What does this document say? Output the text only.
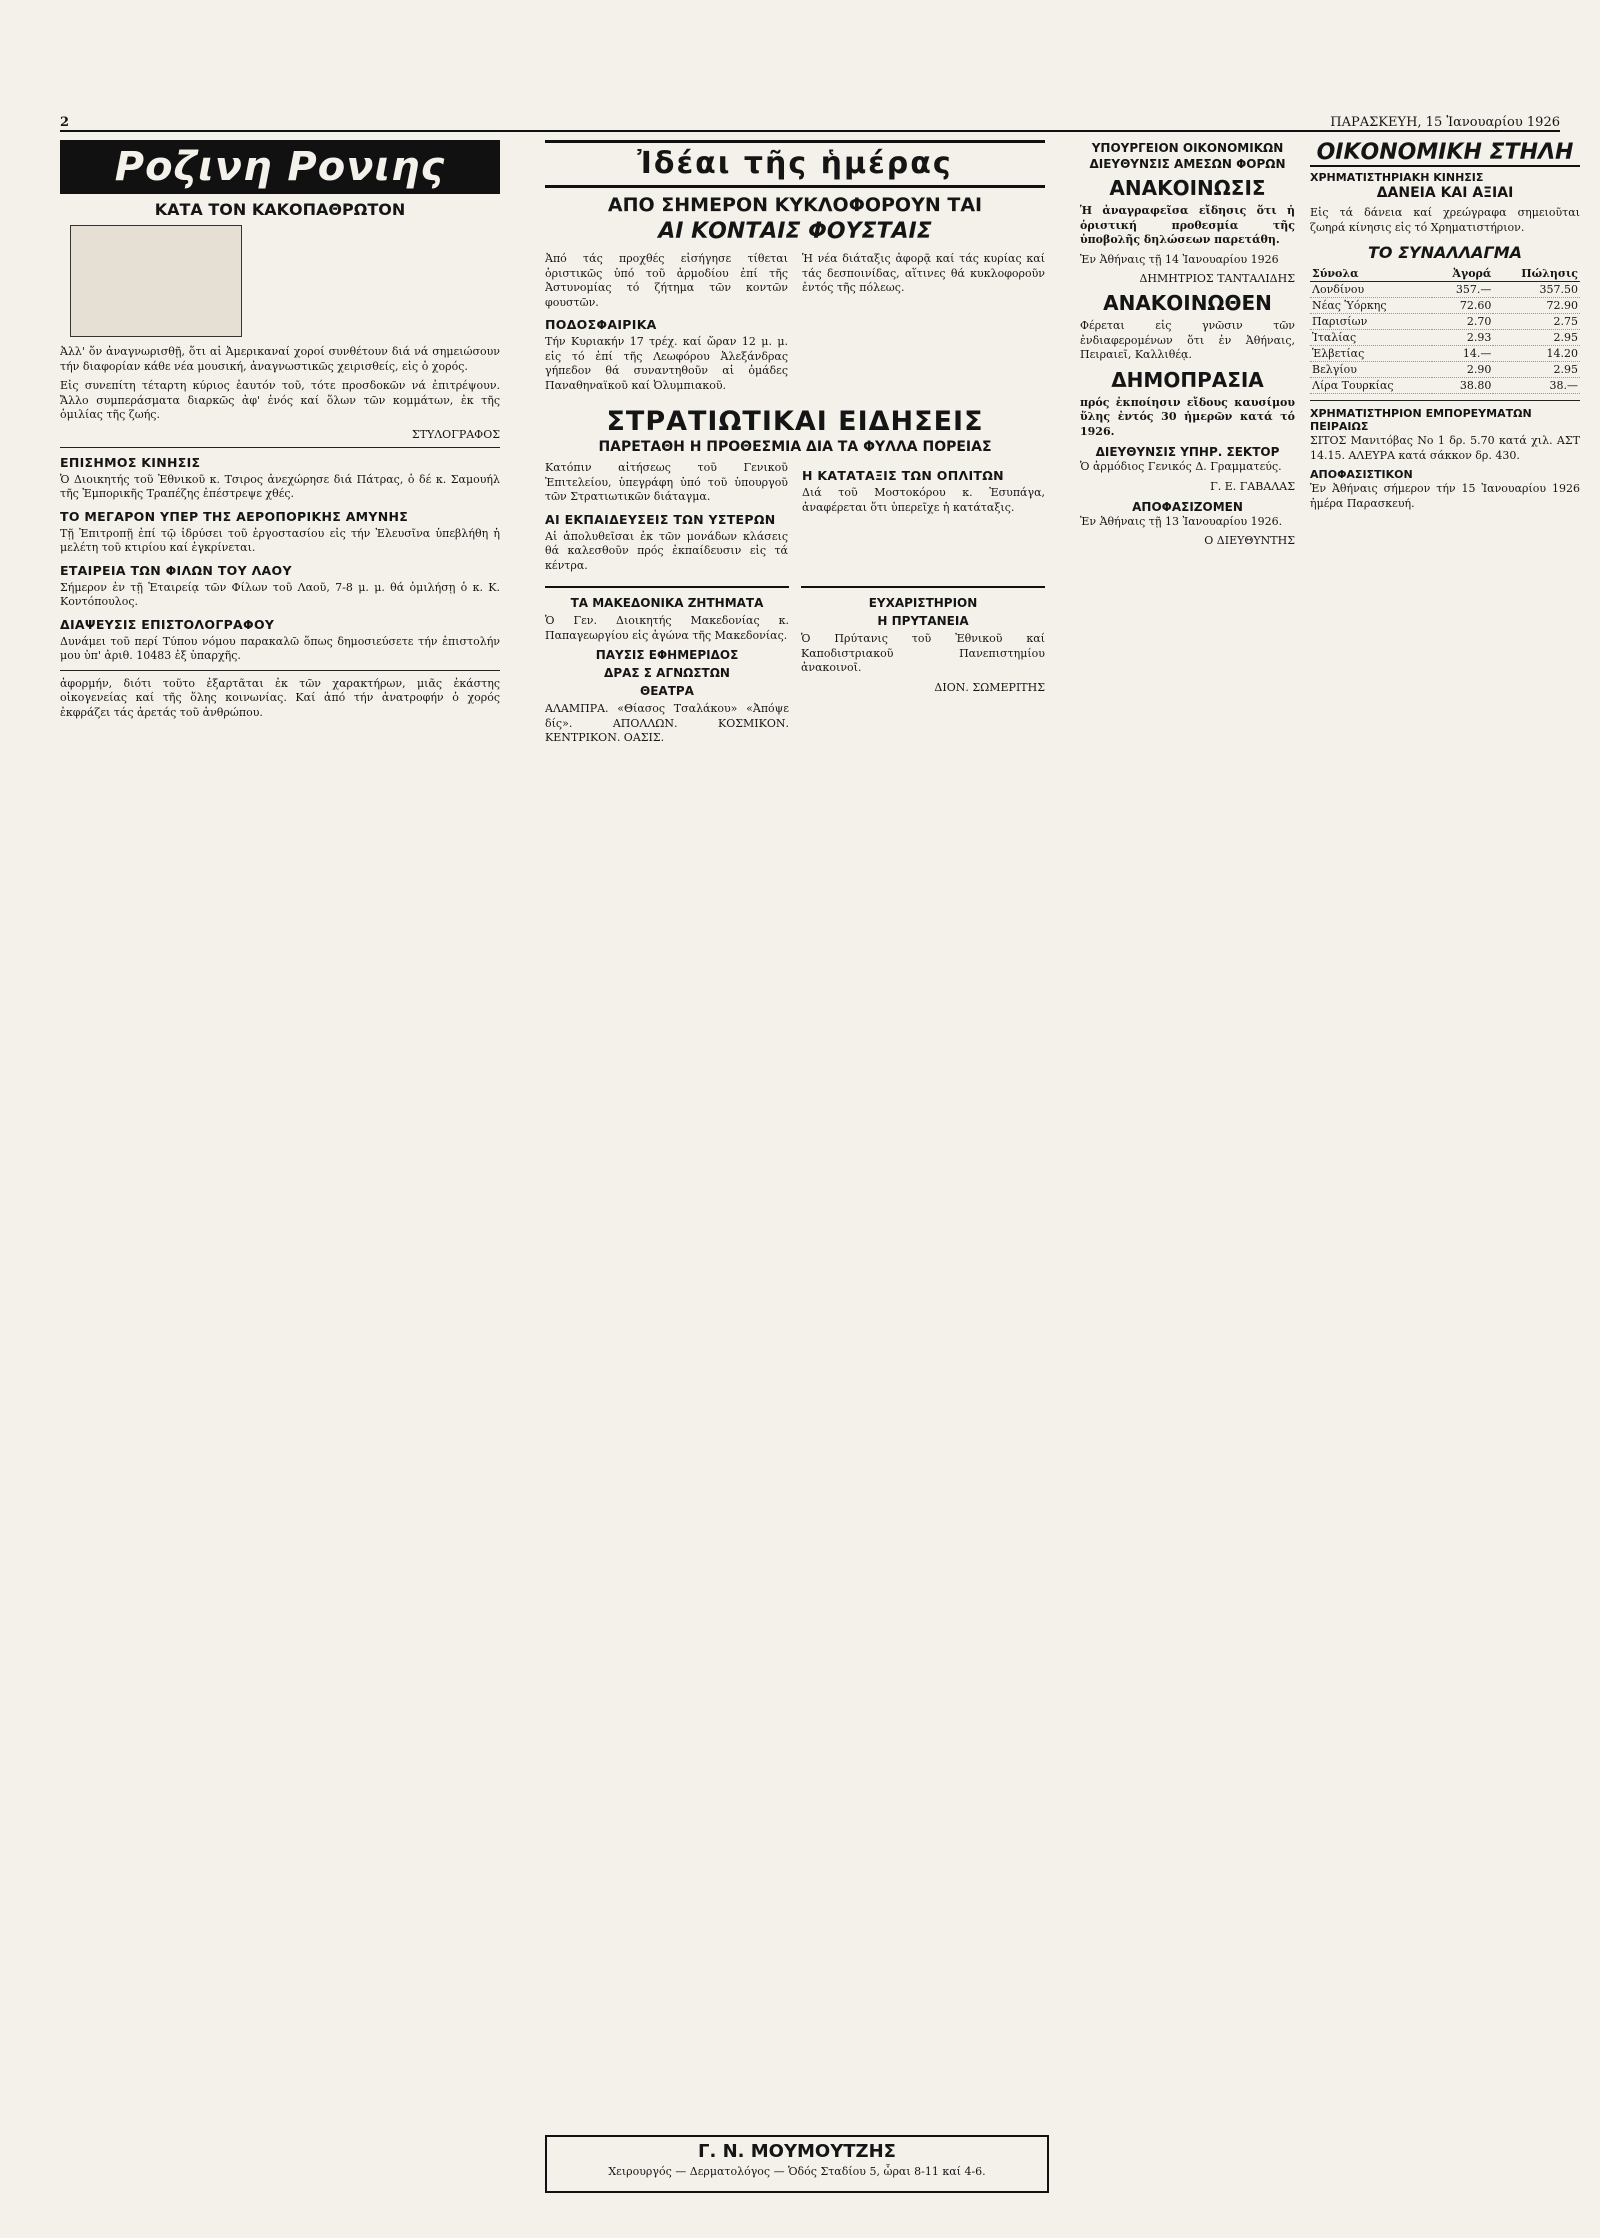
2	ΠΑΡΑΣΚΕΥΗ, 15 Ἰανουαρίου 1926
Ροζινη Ρονιης
ΚΑΤΑ ΤΟΝ ΚΑΚΟΠΑΘΡΩΤΟΝ

Ἀλλ' ὅν ἀναγνωρισθῇ, ὅτι αἱ Ἀμερικαναί χοροί συνθέτουν διά νά σημειώσουν τήν διαφορίαν κάθε νέα μουσική, ἀναγνωστικῶς χειρισθείς, εἰς ὁ χορός.

Εἰς συνεπίτη τέταρτη κύριος ἑαυτόν τοῦ, τότε προσδοκῶν νά ἐπιτρέψουν. Ἄλλο συμπεράσματα διαρκῶς ἀφ' ἐνός καί ὅλων τῶν κομμάτων, ἐκ τῆς ὁμιλίας τῆς ζωής.

ΣΤΥΛΟΓΡΑΦΟΣ
ΕΠΙΣΗΜΟΣ ΚΙΝΗΣΙΣ

Ὁ Διοικητής τοῦ Ἐθνικοῦ κ. Τσιρος ἀνεχώρησε διά Πάτρας, ὁ δέ κ. Σαμουήλ τῆς Ἐμπορικῆς Τραπέζης ἐπέστρεψε χθές.

ΤΟ ΜΕΓΑΡΟΝ ΥΠΕΡ ΤΗΣ ΑΕΡΟΠΟΡΙΚΗΣ ΑΜΥΝΗΣ

Τῇ Ἐπιτροπῇ ἐπί τῷ ἰδρύσει τοῦ ἐργοστασίου εἰς τήν Ἐλευσῖνα ὑπεβλήθη ἡ μελέτη τοῦ κτιρίου καί ἐγκρίνεται.

ΕΤΑΙΡΕΙΑ ΤΩΝ ΦΙΛΩΝ ΤΟΥ ΛΑΟΥ

Σήμερον ἐν τῇ Ἑταιρείᾳ τῶν Φίλων τοῦ Λαοῦ, 7-8 μ. μ. θά ὁμιλήσῃ ὁ κ. Κ. Κοντόπουλος.

ΔΙΑΨΕΥΣΙΣ ΕΠΙΣΤΟΛΟΓΡΑΦΟΥ

Δυνάμει τοῦ περί Τύπου νόμου παρακαλῶ ὅπως δημοσιεύσετε τήν ἐπιστολήν μου ὑπ' ἀριθ. 10483 ἐξ ὑπαρχῆς.

ἀφορμήν, διότι τοῦτο ἐξαρτᾶται ἐκ τῶν χαρακτήρων, μιᾶς ἐκάστης οἰκογενείας καί τῆς ὅλης κοινωνίας. Καί ἀπό τήν ἀνατροφήν ὁ χορός ἐκφράζει τάς ἀρετάς τοῦ ἀνθρώπου.

Ἰδέαι τῆς ἡμέρας
ΑΠΟ ΣΗΜΕΡΟΝ ΚΥΚΛΟΦΟΡΟΥΝ ΤΑΙ
ΑΙ ΚΟΝΤΑΙΣ ΦΟΥΣΤΑΙΣ

Ἀπό τάς προχθές εἰσήγησε τίθεται ὁριστικῶς ὑπό τοῦ ἀρμοδίου ἐπί τῆς Ἀστυνομίας τό ζήτημα τῶν κοντῶν φουστῶν.

ΠΟΔΟΣΦΑΙΡΙΚΑ

Τήν Κυριακήν 17 τρέχ. καί ὥραν 12 μ. μ. εἰς τό ἐπί τῆς Λεωφόρου Ἀλεξάνδρας γήπεδον θά συναντηθοῦν αἱ ὁμάδες Παναθηναϊκοῦ καί Ὀλυμπιακοῦ.

Ἡ νέα διάταξις ἀφορᾷ καί τάς κυρίας καί τάς δεσποινίδας, αἵτινες θά κυκλοφοροῦν ἐντός τῆς πόλεως.

ΣΤΡΑΤΙΩΤΙΚΑΙ ΕΙΔΗΣΕΙΣ
ΠΑΡΕΤΑΘΗ Η ΠΡΟΘΕΣΜΙΑ ΔΙΑ ΤΑ ΦΥΛΛΑ ΠΟΡΕΙΑΣ

Κατόπιν αἰτήσεως τοῦ Γενικοῦ Ἐπιτελείου, ὑπεγράφη ὑπό τοῦ ὑπουργοῦ τῶν Στρατιωτικῶν διάταγμα.

ΑΙ ΕΚΠΑΙΔΕΥΣΕΙΣ ΤΩΝ ΥΣΤΕΡΩΝ

Αἱ ἀπολυθεῖσαι ἐκ τῶν μονάδων κλάσεις θά καλεσθοῦν πρός ἐκπαίδευσιν εἰς τά κέντρα.

Η ΚΑΤΑΤΑΞΙΣ ΤΩΝ ΟΠΛΙΤΩΝ

Διά τοῦ Μοστοκόρου κ. Ἐσυπάγα, ἀναφέρεται ὅτι ὑπερεῖχε ἡ κατάταξις.

ΤΑ ΜΑΚΕΔΟΝΙΚΑ ΖΗΤΗΜΑΤΑ

Ὁ Γεν. Διοικητής Μακεδονίας κ. Παπαγεωργίου εἰς ἀγώνα τῆς Μακεδονίας.

ΠΑΥΣΙΣ ΕΦΗΜΕΡΙΔΟΣ
ΔΡΑΣ Σ ΑΓΝΩΣΤΩΝ
ΘΕΑΤΡΑ

ΑΛΑΜΠΡΑ. «Θίασος Τσαλάκου» «Ἀπόψε δίς». ΑΠΟΛΛΩΝ. ΚΟΣΜΙΚΟΝ. ΚΕΝΤΡΙΚΟΝ. ΟΑΣΙΣ.

ΕΥΧΑΡΙΣΤΗΡΙΟΝ
Η ΠΡΥΤΑΝΕΙΑ

Ὁ Πρύτανις τοῦ Ἐθνικοῦ καί Καποδιστριακοῦ Πανεπιστημίου ἀνακοινοῖ.

ΔΙΟΝ. ΣΩΜΕΡΙΤΗΣ
ΥΠΟΥΡΓΕΙΟΝ ΟΙΚΟΝΟΜΙΚΩΝ ΔΙΕΥΘΥΝΣΙΣ ΑΜΕΣΩΝ ΦΟΡΩΝ
ΑΝΑΚΟΙΝΩΣΙΣ

Ἡ ἀναγραφεῖσα εἴδησις ὅτι ἡ ὁριστική προθεσμία τῆς ὑποβολῆς δηλώσεων παρετάθη.

Ἐν Ἀθήναις τῇ 14 Ἰανουαρίου 1926

ΔΗΜΗΤΡΙΟΣ ΤΑΝΤΑΛΙΔΗΣ
ΑΝΑΚΟΙΝΩΘΕΝ

Φέρεται εἰς γνῶσιν τῶν ἐνδιαφερομένων ὅτι ἐν Ἀθήναις, Πειραιεῖ, Καλλιθέᾳ.

ΔΗΜΟΠΡΑΣΙΑ

πρός ἐκποίησιν εἴδους καυσίμου ὕλης ἐντός 30 ἡμερῶν κατά τό 1926.

ΔΙΕΥΘΥΝΣΙΣ ΥΠΗΡ. ΣΕΚΤΟΡ

Ὁ ἀρμόδιος Γενικός Δ. Γραμματεύς.

Γ. Ε. ΓΑΒΑΛΑΣ
ΑΠΟΦΑΣΙΖΟΜΕΝ

Ἐν Ἀθήναις τῇ 13 Ἰανουαρίου 1926.

Ο ΔΙΕΥΘΥΝΤΗΣ
ΟΙΚΟΝΟΜΙΚΗ ΣΤΗΛΗ
ΧΡΗΜΑΤΙΣΤΗΡΙΑΚΗ ΚΙΝΗΣΙΣ
ΔΑΝΕΙΑ ΚΑΙ ΑΞΙΑΙ

Εἰς τά δάνεια καί χρεώγραφα σημειοῦται ζωηρά κίνησις εἰς τό Χρηματιστήριον.

ΤΟ ΣΥΝΑΛΛΑΓΜΑ
Σύνολα	Ἀγορά	Πώλησις
Λονδίνου	357.—	357.50
Νέας Ὑόρκης	72.60	72.90
Παρισίων	2.70	2.75
Ἰταλίας	2.93	2.95
Ἑλβετίας	14.—	14.20
Βελγίου	2.90	2.95
Λίρα Τουρκίας	38.80	38.—
ΧΡΗΜΑΤΙΣΤΗΡΙΟΝ ΕΜΠΟΡΕΥΜΑΤΩΝ ΠΕΙΡΑΙΩΣ

ΣΙΤΟΣ Μανιτόβας Νο 1 δρ. 5.70 κατά χιλ. ΑΣΤ 14.15. ΑΛΕΥΡΑ κατά σάκκον δρ. 430.

ΑΠΟΦΑΣΙΣΤΙΚΟΝ

Ἐν Ἀθήναις σήμερον τήν 15 Ἰανουαρίου 1926 ἡμέρα Παρασκευή.

Γ. Ν. ΜΟΥΜΟΥΤΖΗΣ
Χειρουργός — Δερματολόγος — Ὁδός Σταδίου 5, ὧραι 8-11 καί 4-6.
